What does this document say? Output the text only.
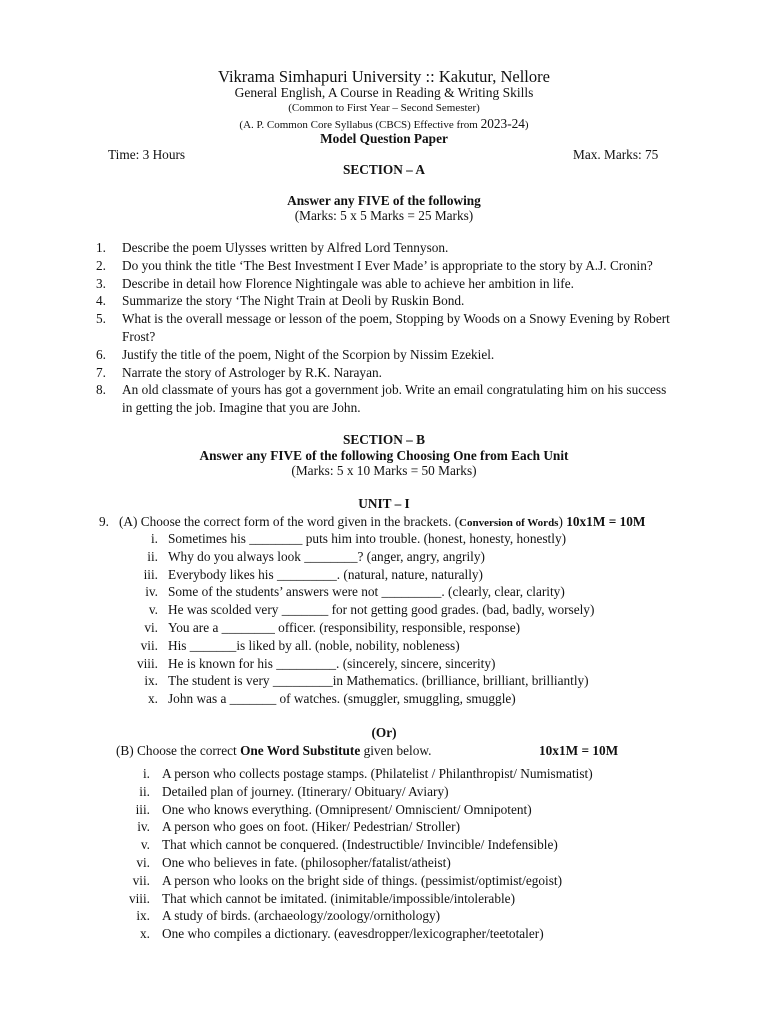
Vikrama Simhapuri University :: Kakutur, Nellore
General English, A Course in Reading & Writing Skills
(Common to First Year – Second Semester)
(A. P. Common Core Syllabus (CBCS) Effective from 2023-24)
Model Question Paper
Time: 3 Hours	Max. Marks: 75
SECTION – A
Answer any FIVE of the following
(Marks: 5 x 5 Marks = 25 Marks)
1. Describe the poem Ulysses written by Alfred Lord Tennyson.
2. Do you think the title ‘The Best Investment I Ever Made’ is appropriate to the story by A.J. Cronin?
3. Describe in detail how Florence Nightingale was able to achieve her ambition in life.
4. Summarize the story ‘The Night Train at Deoli by Ruskin Bond.
5. What is the overall message or lesson of the poem, Stopping by Woods on a Snowy Evening by Robert Frost?
6. Justify the title of the poem, Night of the Scorpion by Nissim Ezekiel.
7. Narrate the story of Astrologer by R.K. Narayan.
8. An old classmate of yours has got a government job. Write an email congratulating him on his success in getting the job. Imagine that you are John.
SECTION – B
Answer any FIVE of the following Choosing One from Each Unit
(Marks: 5 x 10 Marks = 50 Marks)
UNIT – I
9. (A) Choose the correct form of the word given in the brackets. (Conversion of Words) 10x1M = 10M
i. Sometimes his ________ puts him into trouble. (honest, honesty, honestly)
ii. Why do you always look ________? (anger, angry, angrily)
iii. Everybody likes his _________. (natural, nature, naturally)
iv. Some of the students’ answers were not _________. (clearly, clear, clarity)
v. He was scolded very _______ for not getting good grades. (bad, badly, worsely)
vi. You are a ________ officer. (responsibility, responsible, response)
vii. His _______is liked by all. (noble, nobility, nobleness)
viii. He is known for his _________. (sincerely, sincere, sincerity)
ix. The student is very _________in Mathematics. (brilliance, brilliant, brilliantly)
x. John was a _______ of watches. (smuggler, smuggling, smuggle)
(Or)
(B) Choose the correct One Word Substitute given below.	10x1M = 10M
i. A person who collects postage stamps. (Philatelist / Philanthropist/ Numismatist)
ii. Detailed plan of journey. (Itinerary/ Obituary/ Aviary)
iii. One who knows everything. (Omnipresent/ Omniscient/ Omnipotent)
iv. A person who goes on foot. (Hiker/ Pedestrian/ Stroller)
v. That which cannot be conquered. (Indestructible/ Invincible/ Indefensible)
vi. One who believes in fate. (philosopher/fatalist/atheist)
vii. A person who looks on the bright side of things. (pessimist/optimist/egoist)
viii. That which cannot be imitated. (inimitable/impossible/intolerable)
ix. A study of birds. (archaeology/zoology/ornithology)
x. One who compiles a dictionary. (eavesdropper/lexicographer/teetotaler)
